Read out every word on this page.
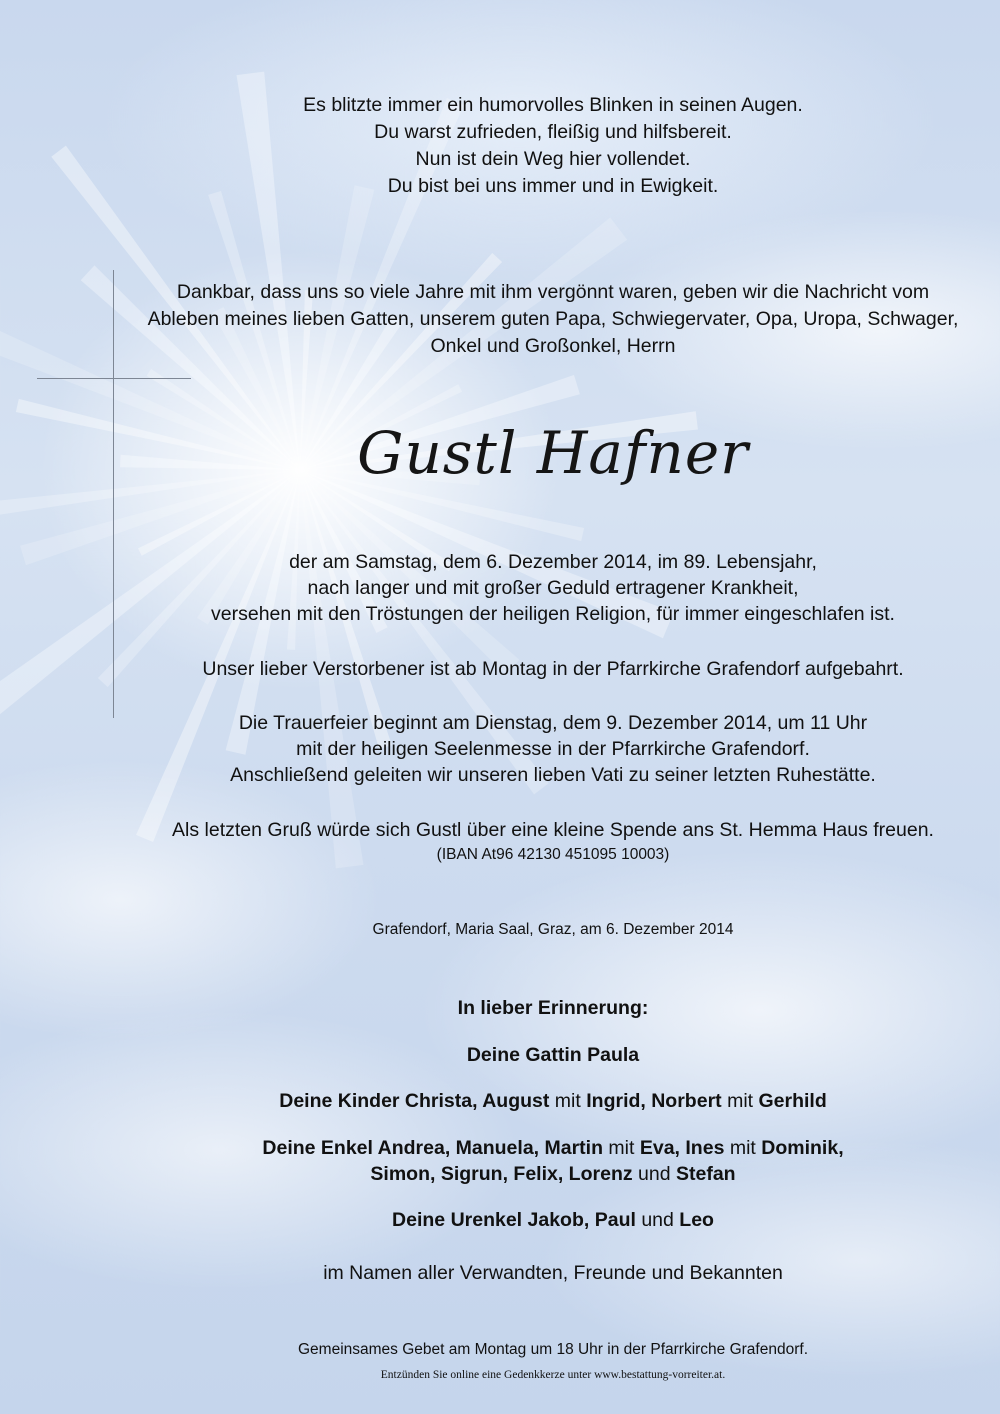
Es blitzte immer ein humorvolles Blinken in seinen Augen.
Du warst zufrieden, fleißig und hilfsbereit.
Nun ist dein Weg hier vollendet.
Du bist bei uns immer und in Ewigkeit.
Dankbar, dass uns so viele Jahre mit ihm vergönnt waren, geben wir die Nachricht vom
Ableben meines lieben Gatten, unserem guten Papa, Schwiegervater, Opa, Uropa, Schwager,
Onkel und Großonkel, Herrn
Gustl Hafner
der am Samstag, dem 6. Dezember 2014, im 89. Lebensjahr,
nach langer und mit großer Geduld ertragener Krankheit,
versehen mit den Tröstungen der heiligen Religion, für immer eingeschlafen ist.
Unser lieber Verstorbener ist ab Montag in der Pfarrkirche Grafendorf aufgebahrt.
Die Trauerfeier beginnt am Dienstag, dem 9. Dezember 2014, um 11 Uhr
mit der heiligen Seelenmesse in der Pfarrkirche Grafendorf.
Anschließend geleiten wir unseren lieben Vati zu seiner letzten Ruhestätte.
Als letzten Gruß würde sich Gustl über eine kleine Spende ans St. Hemma Haus freuen.
(IBAN At96 42130 451095 10003)
Grafendorf, Maria Saal, Graz, am 6. Dezember 2014
In lieber Erinnerung:
Deine Gattin Paula
Deine Kinder Christa, August mit Ingrid, Norbert mit Gerhild
Deine Enkel Andrea, Manuela, Martin mit Eva, Ines mit Dominik,
Simon, Sigrun, Felix, Lorenz und Stefan
Deine Urenkel Jakob, Paul und Leo
im Namen aller Verwandten, Freunde und Bekannten
Gemeinsames Gebet am Montag um 18 Uhr in der Pfarrkirche Grafendorf.
Entzünden Sie online eine Gedenkkerze unter www.bestattung-vorreiter.at.
